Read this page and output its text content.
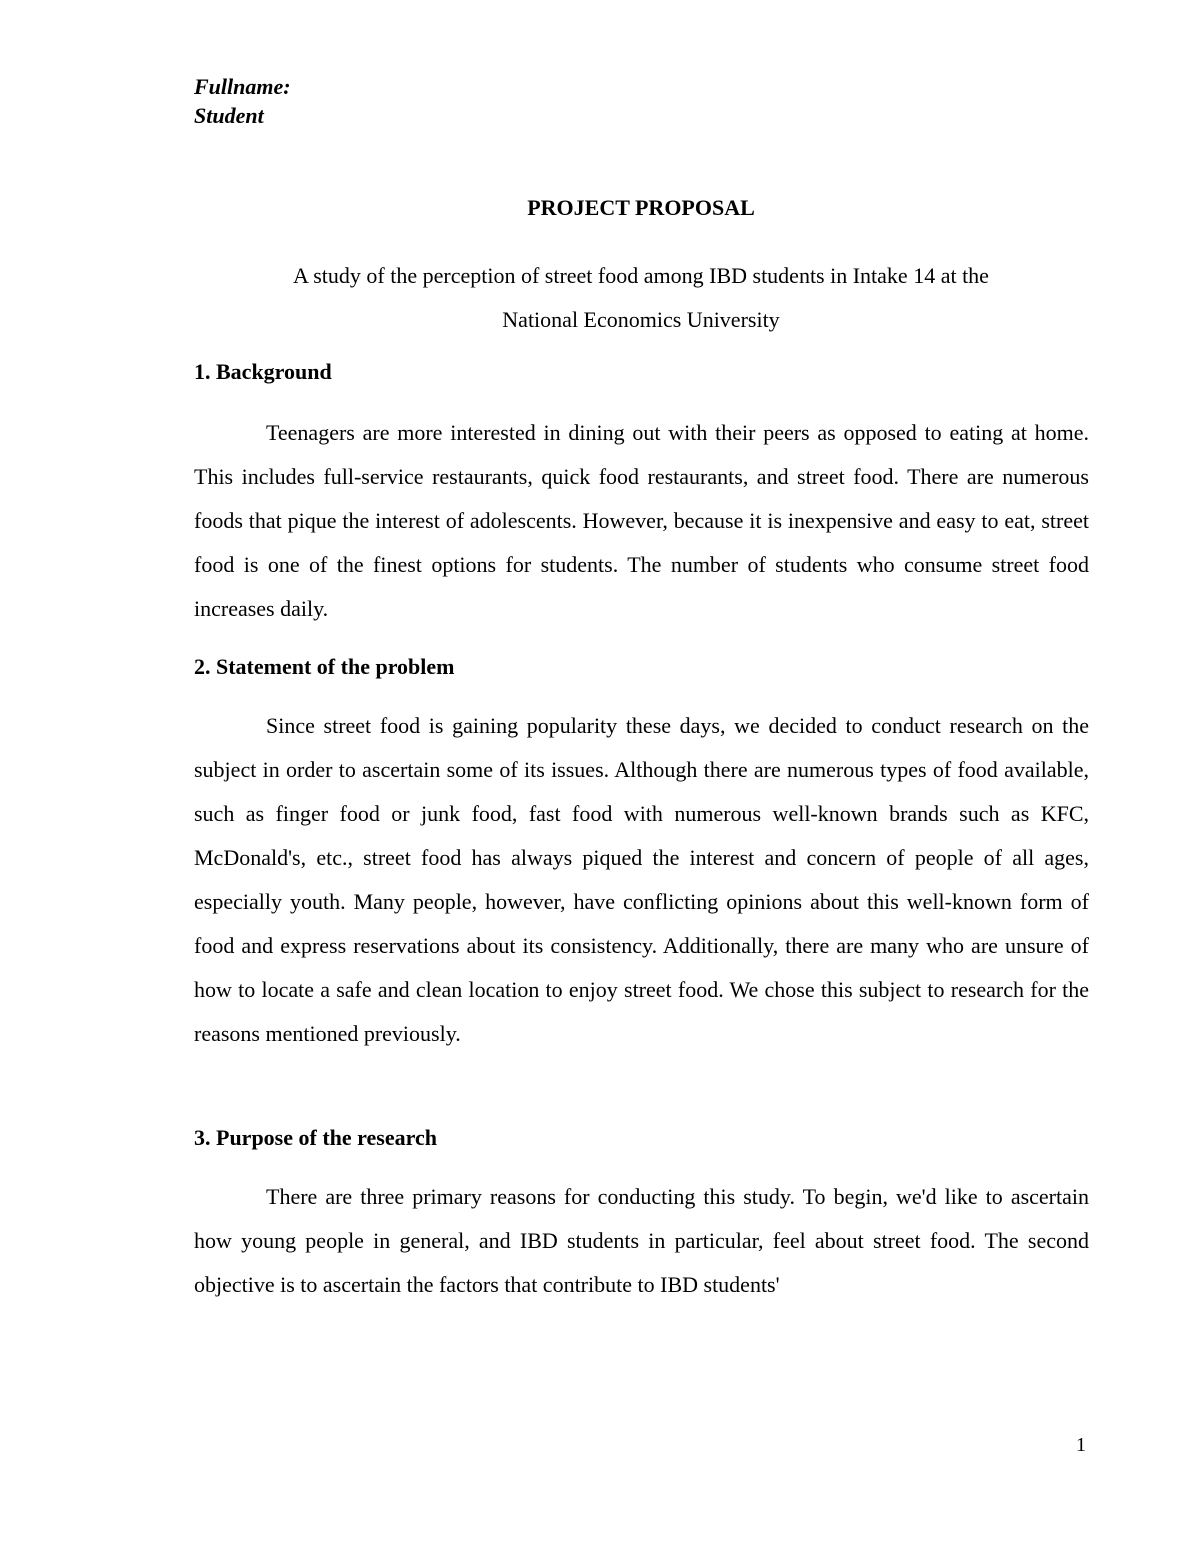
Fullname:
Student
PROJECT PROPOSAL
A study of the perception of street food among IBD students in Intake 14 at the
National Economics University
1. Background
Teenagers are more interested in dining out with their peers as opposed to eating at home. This includes full-service restaurants, quick food restaurants, and street food. There are numerous foods that pique the interest of adolescents. However, because it is inexpensive and easy to eat, street food is one of the finest options for students. The number of students who consume street food increases daily.
2. Statement of the problem
Since street food is gaining popularity these days, we decided to conduct research on the subject in order to ascertain some of its issues. Although there are numerous types of food available, such as finger food or junk food, fast food with numerous well-known brands such as KFC, McDonald's, etc., street food has always piqued the interest and concern of people of all ages, especially youth. Many people, however, have conflicting opinions about this well-known form of food and express reservations about its consistency. Additionally, there are many who are unsure of how to locate a safe and clean location to enjoy street food. We chose this subject to research for the reasons mentioned previously.
3. Purpose of the research
There are three primary reasons for conducting this study. To begin, we'd like to ascertain how young people in general, and IBD students in particular, feel about street food. The second objective is to ascertain the factors that contribute to IBD students'
1
